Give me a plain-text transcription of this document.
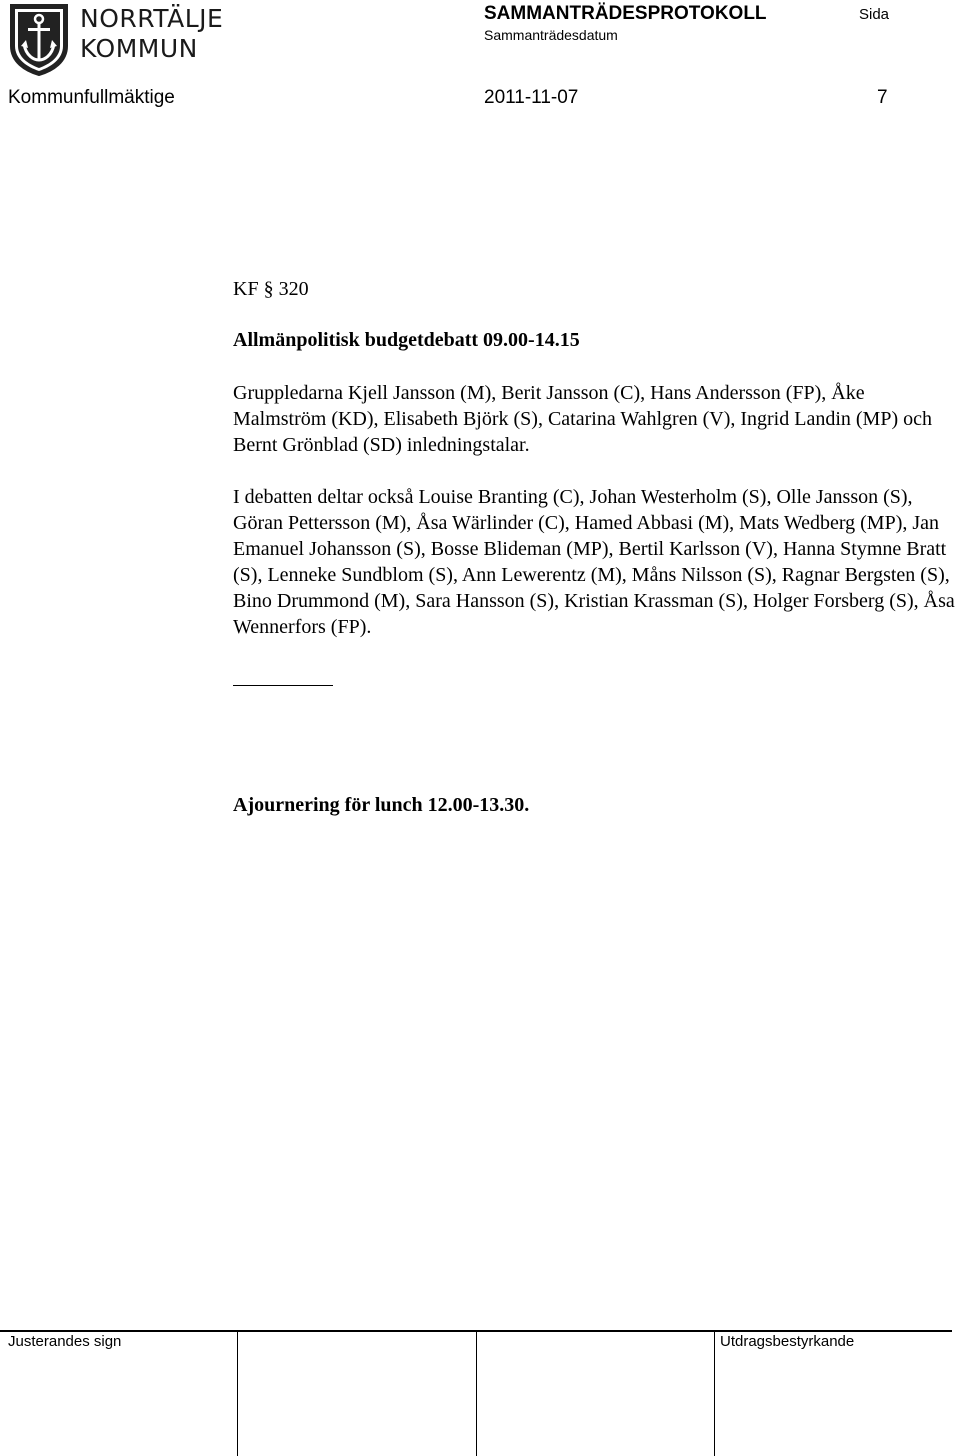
NORRTÄLJE
KOMMUN
SAMMANTRÄDESPROTOKOLL
Sammanträdesdatum
Sida
Kommunfullmäktige	2011-11-07	7
KF § 320
Allmänpolitisk budgetdebatt 09.00-14.15

Gruppledarna Kjell Jansson (M), Berit Jansson (C), Hans Andersson (FP), Åke Malmström (KD), Elisabeth Björk (S), Catarina Wahlgren (V), Ingrid Landin (MP) och Bernt Grönblad (SD) inledningstalar.

I debatten deltar också Louise Branting (C), Johan Westerholm (S), Olle Jansson (S), Göran Pettersson (M), Åsa Wärlinder (C), Hamed Abbasi (M), Mats Wedberg (MP), Jan Emanuel Johansson (S), Bosse Blideman (MP), Bertil Karlsson (V), Hanna Stymne Bratt (S), Lenneke Sundblom (S), Ann Lewerentz (M), Måns Nilsson (S), Ragnar Bergsten (S), Bino Drummond (M), Sara Hansson (S), Kristian Krassman (S), Holger Forsberg (S), Åsa Wennerfors (FP).

Ajournering för lunch 12.00-13.30.
Justerandes sign	Utdragsbestyrkande
